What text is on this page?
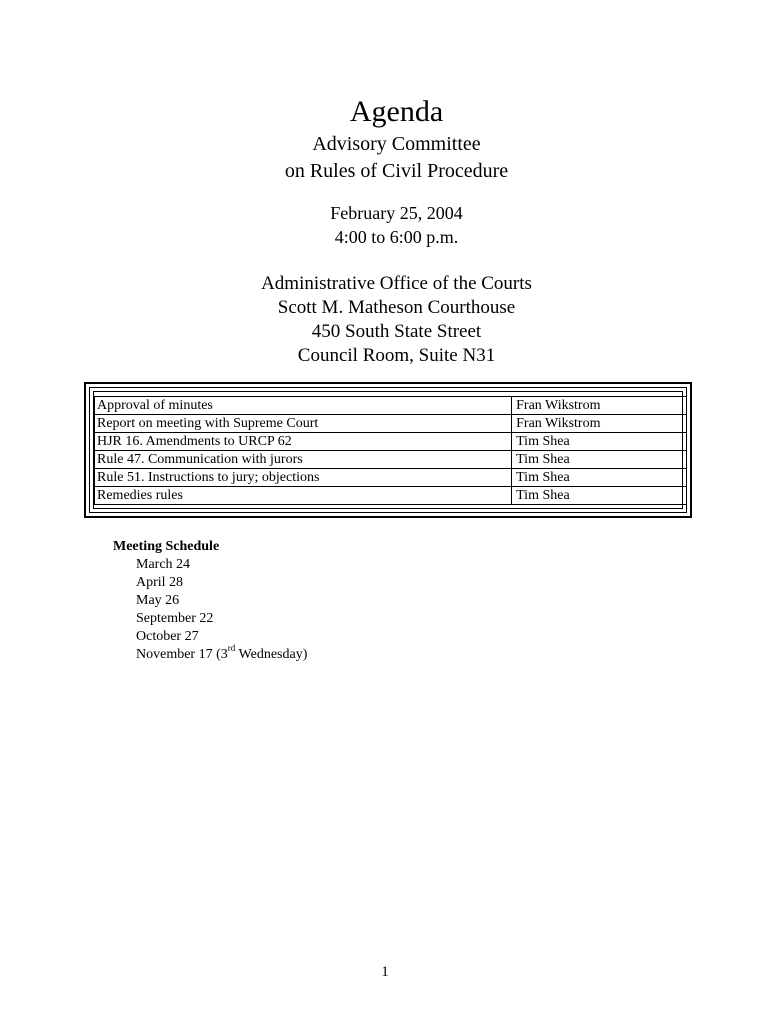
Agenda
Advisory Committee
on Rules of Civil Procedure
February 25, 2004
4:00 to 6:00 p.m.
Administrative Office of the Courts
Scott M. Matheson Courthouse
450 South State Street
Council Room, Suite N31
Approval of minutes	Fran Wikstrom
Report on meeting with Supreme Court	Fran Wikstrom
HJR 16. Amendments to URCP 62	Tim Shea
Rule 47. Communication with jurors	Tim Shea
Rule 51. Instructions to jury; objections	Tim Shea
Remedies rules	Tim Shea
Meeting Schedule
March 24
April 28
May 26
September 22
October 27
November 17 (3rd Wednesday)
1
